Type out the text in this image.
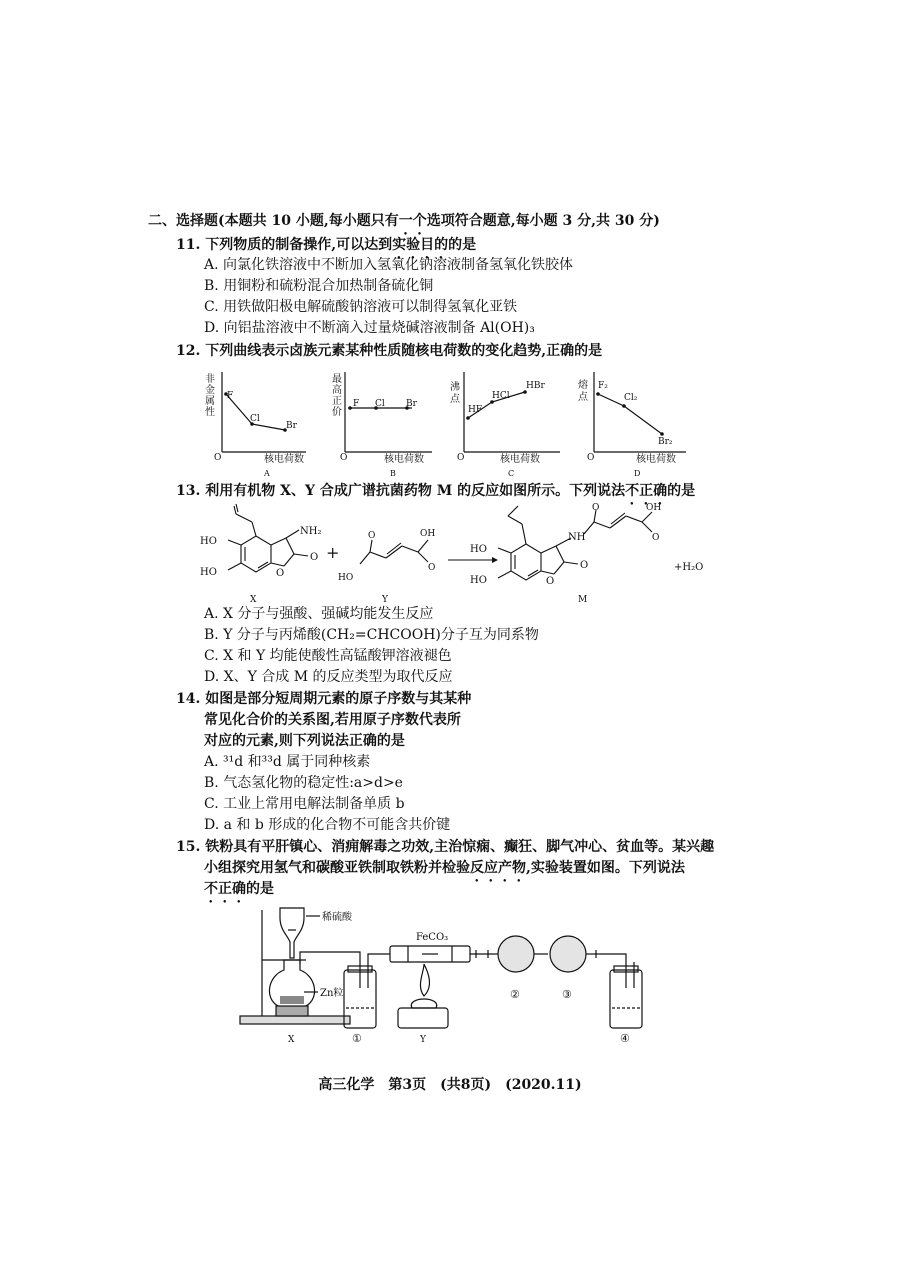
二、选择题(本题共 10 小题,每小题只有一个选项符合题意,每小题 3 分,共 30 分)
11. 下列物质的制备操作,可以达到实验目的的是
A. 向氯化铁溶液中不断加入氢氧化钠溶液制备氢氧化铁胶体
B. 用铜粉和硫粉混合加热制备硫化铜
C. 用铁做阳极电解硫酸钠溶液可以制得氢氧化亚铁
D. 向铝盐溶液中不断滴入过量烧碱溶液制备 Al(OH)₃
12. 下列曲线表示卤族元素某种性质随核电荷数的变化趋势,正确的是
非
金
属
性
F
Cl
Br
O	核电荷数
A
最
高
正
价
F Cl Br
O	核电荷数
B
沸
点
HF
HCl
HBr
O	核电荷数
C
熔
点
F₂
Cl₂
Br₂
O	核电荷数
D
13. 利用有机物 X、Y 合成广谱抗菌药物 M 的反应如图所示。下列说法不正确的是
HO
HO
NH₂
O
O
X
+
HO
OH
O
O
Y
HO
HO
NH
O
O
O	OH
O
M
+H₂O
A. X 分子与强酸、强碱均能发生反应
B. Y 分子与丙烯酸(CH₂=CHCOOH)分子互为同系物
C. X 和 Y 均能使酸性高锰酸钾溶液褪色
D. X、Y 合成 M 的反应类型为取代反应
14. 如图是部分短周期元素的原子序数与其某种
常见化合价的关系图,若用原子序数代表所
对应的元素,则下列说法正确的是
A. ³¹d 和³³d 属于同种核素
B. 气态氢化物的稳定性:a>d>e
C. 工业上常用电解法制备单质 b
D. a 和 b 形成的化合物不可能含共价键
15. 铁粉具有平肝镇心、消痈解毒之功效,主治惊痫、癫狂、脚气冲心、贫血等。某兴趣
小组探究用氢气和碳酸亚铁制取铁粉并检验反应产物,实验装置如图。下列说法
不正确的是
稀硫酸
Zn粒
FeCO₃
X	Y
①
②	③
④
高三化学　第3页　(共8页)　(2020.11)
